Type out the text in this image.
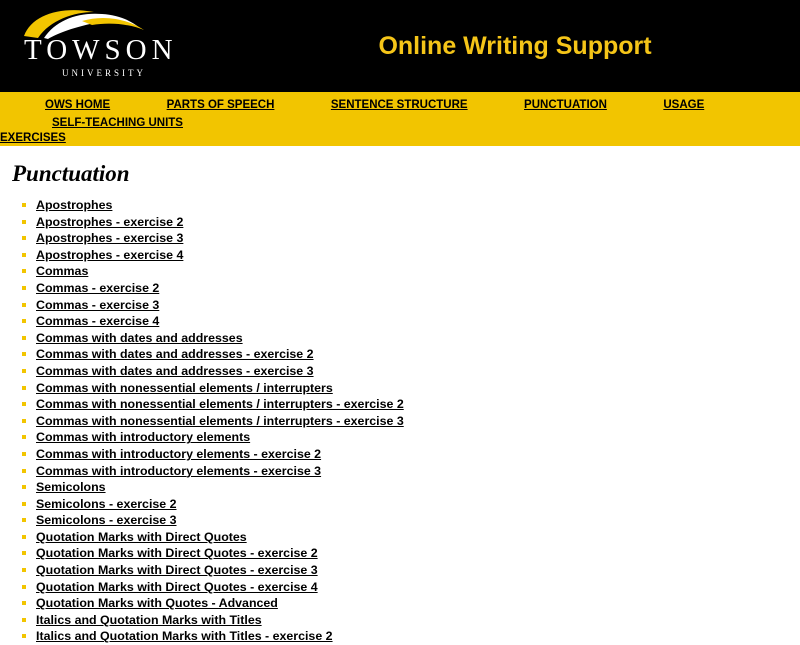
TOWSON
UNIVERSITY
Online Writing Support
OWS HOME	PARTS OF SPEECH	SENTENCE STRUCTURE	PUNCTUATION	USAGE SELF-TEACHING UNITS
EXERCISES
Punctuation
Apostrophes
Apostrophes - exercise 2
Apostrophes - exercise 3
Apostrophes - exercise 4
Commas
Commas - exercise 2
Commas - exercise 3
Commas - exercise 4
Commas with dates and addresses
Commas with dates and addresses - exercise 2
Commas with dates and addresses - exercise 3
Commas with nonessential elements / interrupters
Commas with nonessential elements / interrupters - exercise 2
Commas with nonessential elements / interrupters - exercise 3
Commas with introductory elements
Commas with introductory elements - exercise 2
Commas with introductory elements - exercise 3
Semicolons
Semicolons - exercise 2
Semicolons - exercise 3
Quotation Marks with Direct Quotes
Quotation Marks with Direct Quotes - exercise 2
Quotation Marks with Direct Quotes - exercise 3
Quotation Marks with Direct Quotes - exercise 4
Quotation Marks with Quotes - Advanced
Italics and Quotation Marks with Titles
Italics and Quotation Marks with Titles - exercise 2
